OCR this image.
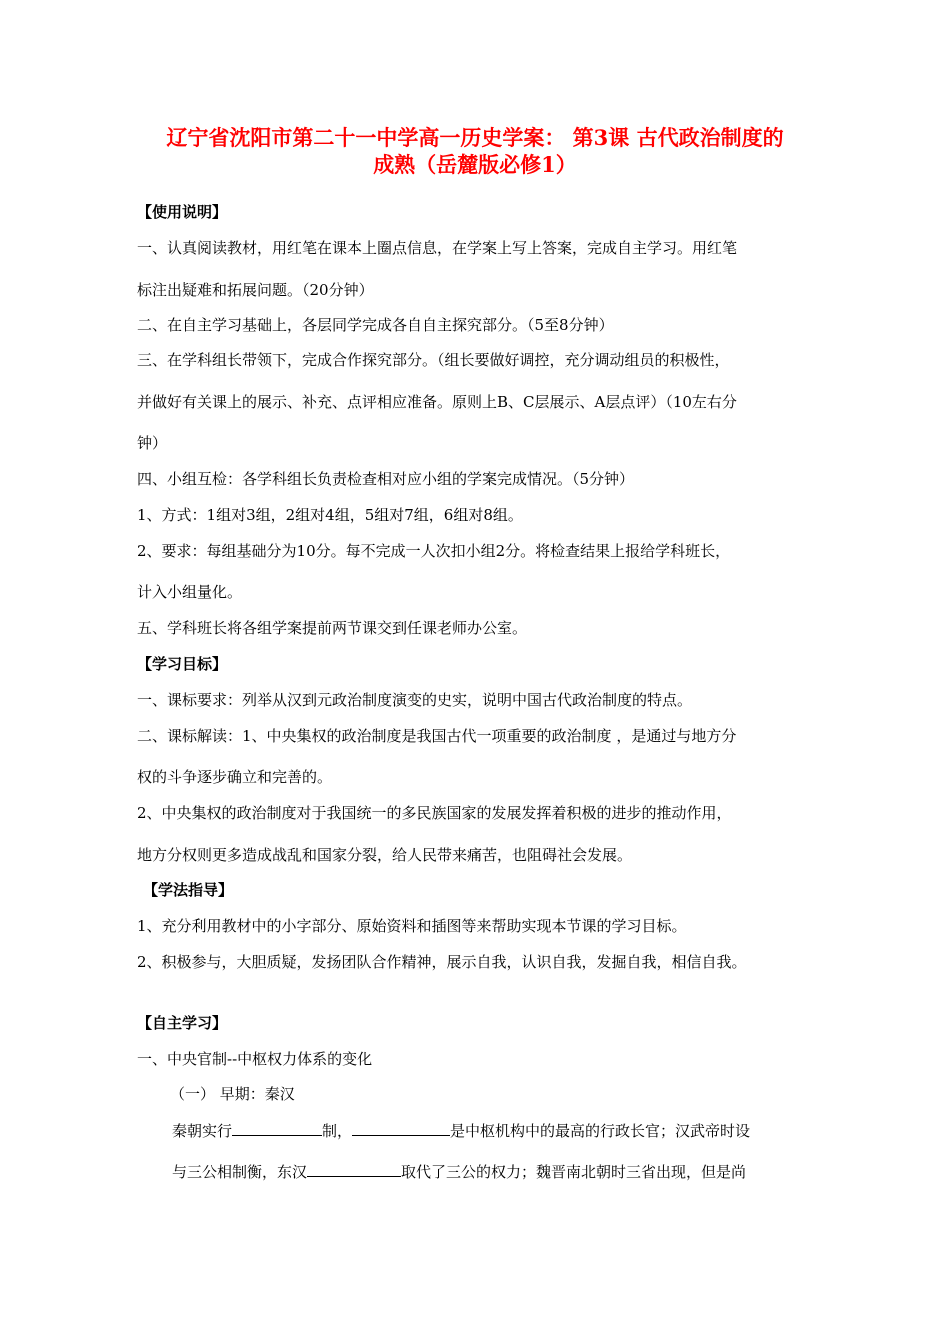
辽宁省沈阳市第二十一中学高一历史学案： 第3课 古代政治制度的
成熟（岳麓版必修1）
【使用说明】
一、认真阅读教材，用红笔在课本上圈点信息，在学案上写上答案，完成自主学习。用红笔
标注出疑难和拓展问题。（20分钟）
二、在自主学习基础上，各层同学完成各自自主探究部分。（5至8分钟）
三、在学科组长带领下，完成合作探究部分。（组长要做好调控，充分调动组员的积极性，
并做好有关课上的展示、补充、点评相应准备。原则上B、C层展示、A层点评）（10左右分
钟）
四、小组互检：各学科组长负责检查相对应小组的学案完成情况。（5分钟）
1、方式：1组对3组，2组对4组，5组对7组，6组对8组。
2、要求：每组基础分为10分。每不完成一人次扣小组2分。将检查结果上报给学科班长，
计入小组量化。
五、学科班长将各组学案提前两节课交到任课老师办公室。
【学习目标】
一、课标要求：列举从汉到元政治制度演变的史实，说明中国古代政治制度的特点。
二、课标解读：1、中央集权的政治制度是我国古代一项重要的政治制度 ，是通过与地方分
权的斗争逐步确立和完善的。
2、中央集权的政治制度对于我国统一的多民族国家的发展发挥着积极的进步的推动作用，
地方分权则更多造成战乱和国家分裂，给人民带来痛苦，也阻碍社会发展。
【学法指导】
1、充分利用教材中的小字部分、原始资料和插图等来帮助实现本节课的学习目标。
2、积极参与，大胆质疑，发扬团队合作精神，展示自我，认识自我，发掘自我，相信自我。
【自主学习】
一、中央官制--中枢权力体系的变化
（一） 早期：秦汉
秦朝实行	制，	是中枢机构中的最高的行政长官；汉武帝时设
与三公相制衡，东汉	取代了三公的权力；魏晋南北朝时三省出现，但是尚
